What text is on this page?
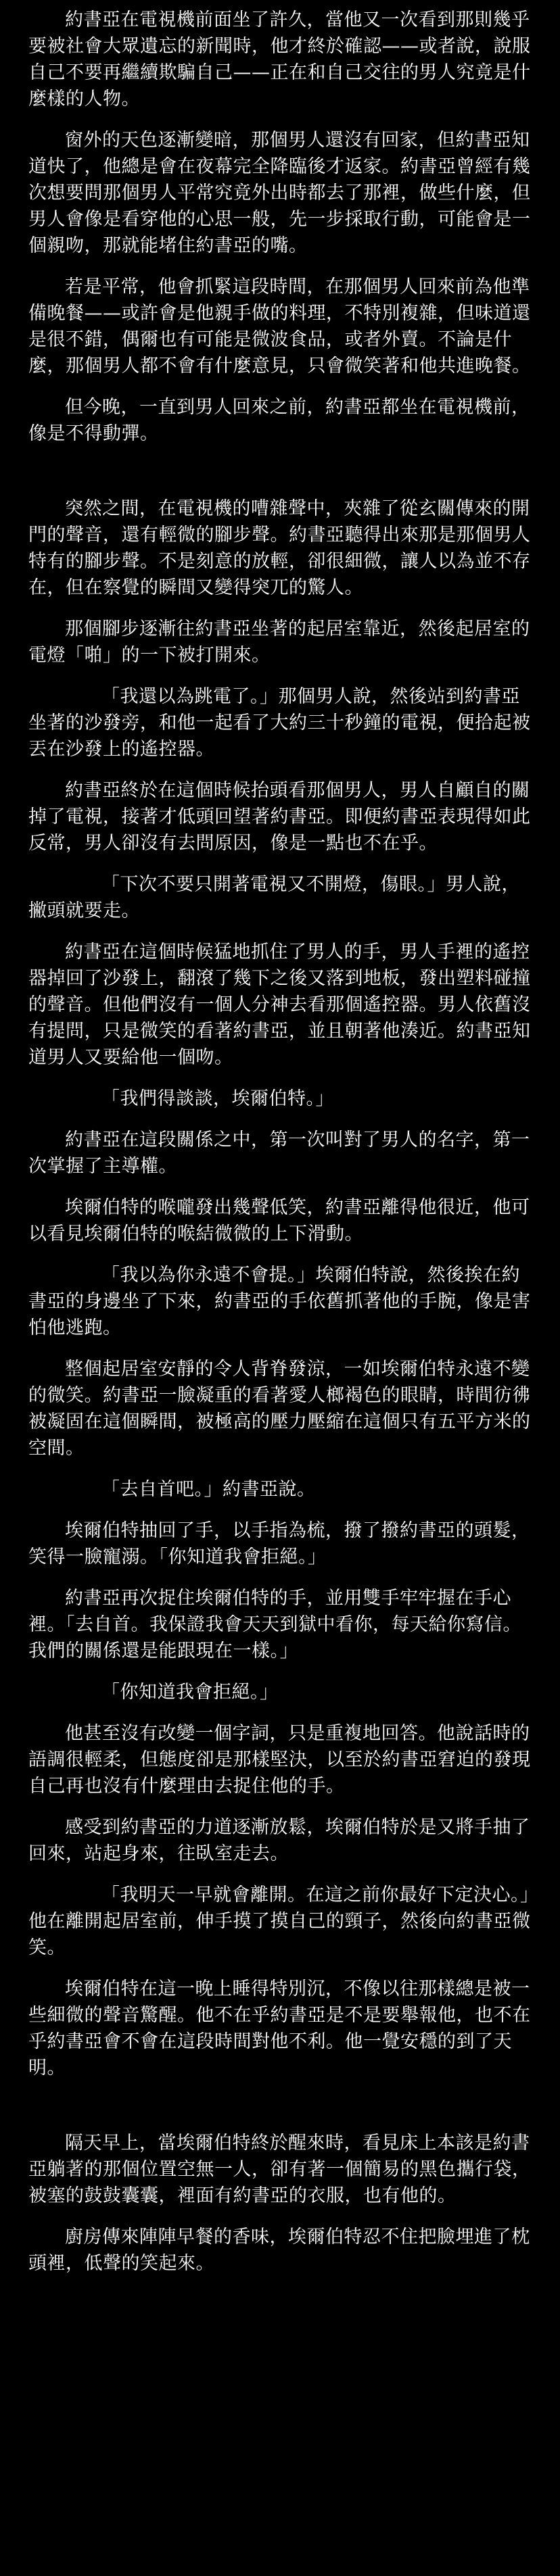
約書亞在電視機前面坐了許久，當他又一次看到那則幾乎要被社會大眾遺忘的新聞時，他才終於確認——或者說，說服自己不要再繼續欺騙自己——正在和自己交往的男人究竟是什麼樣的人物。

窗外的天色逐漸變暗，那個男人還沒有回家，但約書亞知道快了，他總是會在夜幕完全降臨後才返家。約書亞曾經有幾次想要問那個男人平常究竟外出時都去了那裡，做些什麼，但男人會像是看穿他的心思一般，先一步採取行動，可能會是一個親吻，那就能堵住約書亞的嘴。

若是平常，他會抓緊這段時間，在那個男人回來前為他準備晚餐——或許會是他親手做的料理，不特別複雜，但味道還是很不錯，偶爾也有可能是微波食品，或者外賣。不論是什麼，那個男人都不會有什麼意見，只會微笑著和他共進晚餐。

但今晚，一直到男人回來之前，約書亞都坐在電視機前，像是不得動彈。

突然之間，在電視機的嘈雜聲中，夾雜了從玄關傳來的開門的聲音，還有輕微的腳步聲。約書亞聽得出來那是那個男人特有的腳步聲。不是刻意的放輕，卻很細微，讓人以為並不存在，但在察覺的瞬間又變得突兀的驚人。

那個腳步逐漸往約書亞坐著的起居室靠近，然後起居室的電燈「啪」的一下被打開來。

「我還以為跳電了。」那個男人說，然後站到約書亞坐著的沙發旁，和他一起看了大約三十秒鐘的電視，便拾起被丟在沙發上的遙控器。

約書亞終於在這個時候抬頭看那個男人，男人自顧自的關掉了電視，接著才低頭回望著約書亞。即便約書亞表現得如此反常，男人卻沒有去問原因，像是一點也不在乎。

「下次不要只開著電視又不開燈，傷眼。」男人說，撇頭就要走。

約書亞在這個時候猛地抓住了男人的手，男人手裡的遙控器掉回了沙發上，翻滾了幾下之後又落到地板，發出塑料碰撞的聲音。但他們沒有一個人分神去看那個遙控器。男人依舊沒有提問，只是微笑的看著約書亞，並且朝著他湊近。約書亞知道男人又要給他一個吻。

「我們得談談，埃爾伯特。」

約書亞在這段關係之中，第一次叫對了男人的名字，第一次掌握了主導權。

埃爾伯特的喉嚨發出幾聲低笑，約書亞離得他很近，他可以看見埃爾伯特的喉結微微的上下滑動。

「我以為你永遠不會提。」埃爾伯特說，然後挨在約書亞的身邊坐了下來，約書亞的手依舊抓著他的手腕，像是害怕他逃跑。

整個起居室安靜的令人背脊發涼，一如埃爾伯特永遠不變的微笑。約書亞一臉凝重的看著愛人榔褐色的眼睛，時間彷彿被凝固在這個瞬間，被極高的壓力壓縮在這個只有五平方米的空間。

「去自首吧。」約書亞說。

埃爾伯特抽回了手，以手指為梳，撥了撥約書亞的頭髮，笑得一臉寵溺。「你知道我會拒絕。」

約書亞再次捉住埃爾伯特的手，並用雙手牢牢握在手心裡。「去自首。我保證我會天天到獄中看你，每天給你寫信。我們的關係還是能跟現在一樣。」

「你知道我會拒絕。」

他甚至沒有改變一個字詞，只是重複地回答。他說話時的語調很輕柔，但態度卻是那樣堅決，以至於約書亞窘迫的發現自己再也沒有什麼理由去捉住他的手。

感受到約書亞的力道逐漸放鬆，埃爾伯特於是又將手抽了回來，站起身來，往臥室走去。

「我明天一早就會離開。在這之前你最好下定決心。」他在離開起居室前，伸手摸了摸自己的頸子，然後向約書亞微笑。

埃爾伯特在這一晚上睡得特別沉，不像以往那樣總是被一些細微的聲音驚醒。他不在乎約書亞是不是要舉報他，也不在乎約書亞會不會在這段時間對他不利。他一覺安穩的到了天明。

隔天早上，當埃爾伯特終於醒來時，看見床上本該是約書亞躺著的那個位置空無一人，卻有著一個簡易的黑色攜行袋，被塞的鼓鼓囊囊，裡面有約書亞的衣服，也有他的。

廚房傳來陣陣早餐的香味，埃爾伯特忍不住把臉埋進了枕頭裡，低聲的笑起來。
